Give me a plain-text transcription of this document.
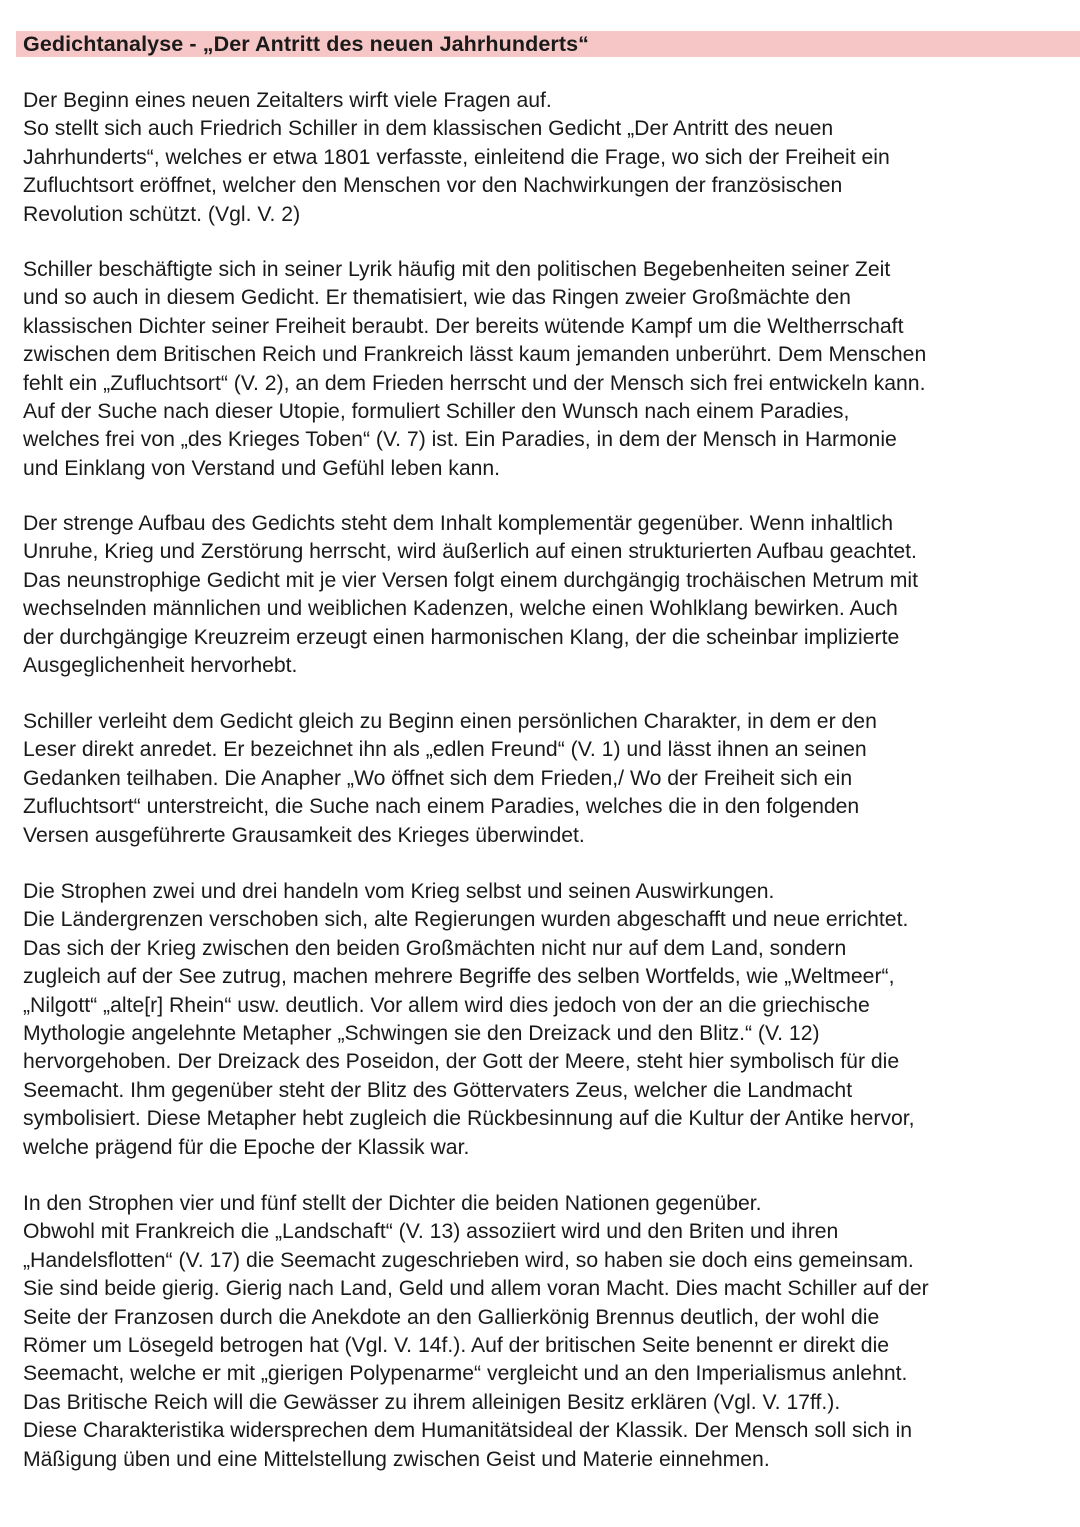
Gedichtanalyse - „Der Antritt des neuen Jahrhunderts“
Der Beginn eines neuen Zeitalters wirft viele Fragen auf.
So stellt sich auch Friedrich Schiller in dem klassischen Gedicht „Der Antritt des neuen
Jahrhunderts“, welches er etwa 1801 verfasste, einleitend die Frage, wo sich der Freiheit ein
Zufluchtsort eröffnet, welcher den Menschen vor den Nachwirkungen der französischen
Revolution schützt. (Vgl. V. 2)
Schiller beschäftigte sich in seiner Lyrik häufig mit den politischen Begebenheiten seiner Zeit
und so auch in diesem Gedicht. Er thematisiert, wie das Ringen zweier Großmächte den
klassischen Dichter seiner Freiheit beraubt. Der bereits wütende Kampf um die Weltherrschaft
zwischen dem Britischen Reich und Frankreich lässt kaum jemanden unberührt. Dem Menschen
fehlt ein „Zufluchtsort“ (V. 2), an dem Frieden herrscht und der Mensch sich frei entwickeln kann.
Auf der Suche nach dieser Utopie, formuliert Schiller den Wunsch nach einem Paradies,
welches frei von „des Krieges Toben“ (V. 7) ist. Ein Paradies, in dem der Mensch in Harmonie
und Einklang von Verstand und Gefühl leben kann.
Der strenge Aufbau des Gedichts steht dem Inhalt komplementär gegenüber. Wenn inhaltlich
Unruhe, Krieg und Zerstörung herrscht, wird äußerlich auf einen strukturierten Aufbau geachtet.
Das neunstrophige Gedicht mit je vier Versen folgt einem durchgängig trochäischen Metrum mit
wechselnden männlichen und weiblichen Kadenzen, welche einen Wohlklang bewirken. Auch
der durchgängige Kreuzreim erzeugt einen harmonischen Klang, der die scheinbar implizierte
Ausgeglichenheit hervorhebt.
Schiller verleiht dem Gedicht gleich zu Beginn einen persönlichen Charakter, in dem er den
Leser direkt anredet. Er bezeichnet ihn als „edlen Freund“ (V. 1) und lässt ihnen an seinen
Gedanken teilhaben. Die Anapher „Wo öffnet sich dem Frieden,/ Wo der Freiheit sich ein
Zufluchtsort“ unterstreicht, die Suche nach einem Paradies, welches die in den folgenden
Versen ausgeführerte Grausamkeit des Krieges überwindet.
Die Strophen zwei und drei handeln vom Krieg selbst und seinen Auswirkungen.
Die Ländergrenzen verschoben sich, alte Regierungen wurden abgeschafft und neue errichtet.
Das sich der Krieg zwischen den beiden Großmächten nicht nur auf dem Land, sondern
zugleich auf der See zutrug, machen mehrere Begriffe des selben Wortfelds, wie „Weltmeer“,
„Nilgott“ „alte[r] Rhein“ usw. deutlich. Vor allem wird dies jedoch von der an die griechische
Mythologie angelehnte Metapher „Schwingen sie den Dreizack und den Blitz.“ (V. 12)
hervorgehoben. Der Dreizack des Poseidon, der Gott der Meere, steht hier symbolisch für die
Seemacht. Ihm gegenüber steht der Blitz des Göttervaters Zeus, welcher die Landmacht
symbolisiert. Diese Metapher hebt zugleich die Rückbesinnung auf die Kultur der Antike hervor,
welche prägend für die Epoche der Klassik war.
In den Strophen vier und fünf stellt der Dichter die beiden Nationen gegenüber.
Obwohl mit Frankreich die „Landschaft“ (V. 13) assoziiert wird und den Briten und ihren
„Handelsflotten“ (V. 17) die Seemacht zugeschrieben wird, so haben sie doch eins gemeinsam.
Sie sind beide gierig. Gierig nach Land, Geld und allem voran Macht. Dies macht Schiller auf der
Seite der Franzosen durch die Anekdote an den Gallierkönig Brennus deutlich, der wohl die
Römer um Lösegeld betrogen hat (Vgl. V. 14f.). Auf der britischen Seite benennt er direkt die
Seemacht, welche er mit „gierigen Polypenarme“ vergleicht und an den Imperialismus anlehnt.
Das Britische Reich will die Gewässer zu ihrem alleinigen Besitz erklären (Vgl. V. 17ff.).
Diese Charakteristika widersprechen dem Humanitätsideal der Klassik. Der Mensch soll sich in
Mäßigung üben und eine Mittelstellung zwischen Geist und Materie einnehmen.
